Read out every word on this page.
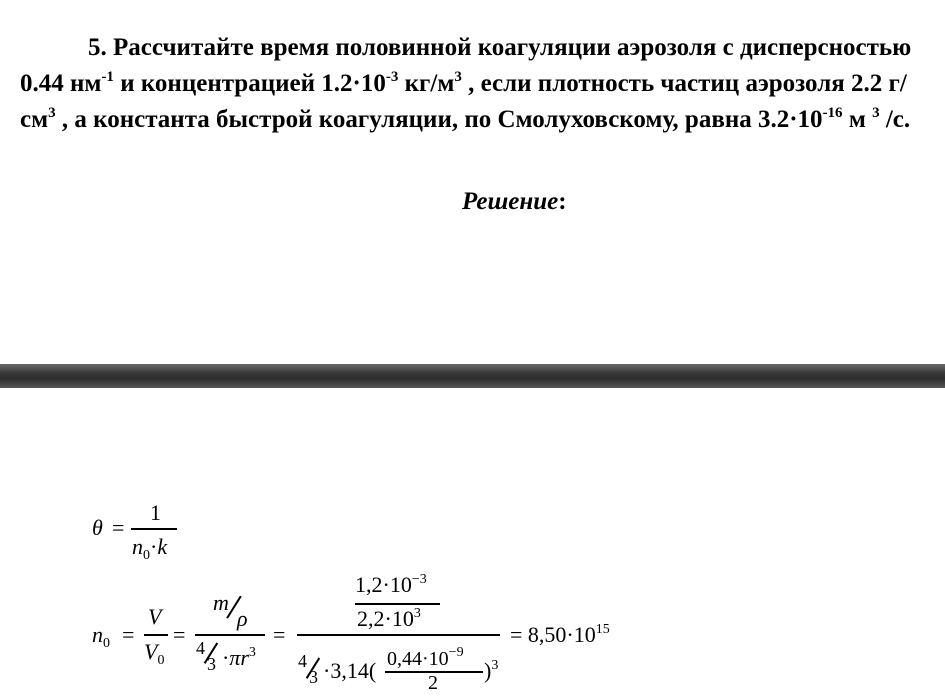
5. Рассчитайте время половинной коагуляции аэрозоля с дисперсностью 0.44 $нм^{-1}$ и концентрацией $1.2\cdot 10^{-3}$ $кг/м^3$ , если плотность частиц аэрозоля 2.2 $г/см^3$ , а константа быстрой коагуляции, по Смолуховскому, равна $3.2\cdot 10^{-16}$ м $^3$ /с.
Решение:
θ =
1
$n_0\cdot k$
$n_0$ =
V
$V_0$
=
m
ρ
4
$3 \cdot\pi r^3$
=
$1,2\cdot 10^{-3}$
$2,2\cdot 10^3$
4
3 ·3,14( $0,44\cdot 10^{-9}$
2 )$^3$
= $8,50\cdot 10^{15}$
